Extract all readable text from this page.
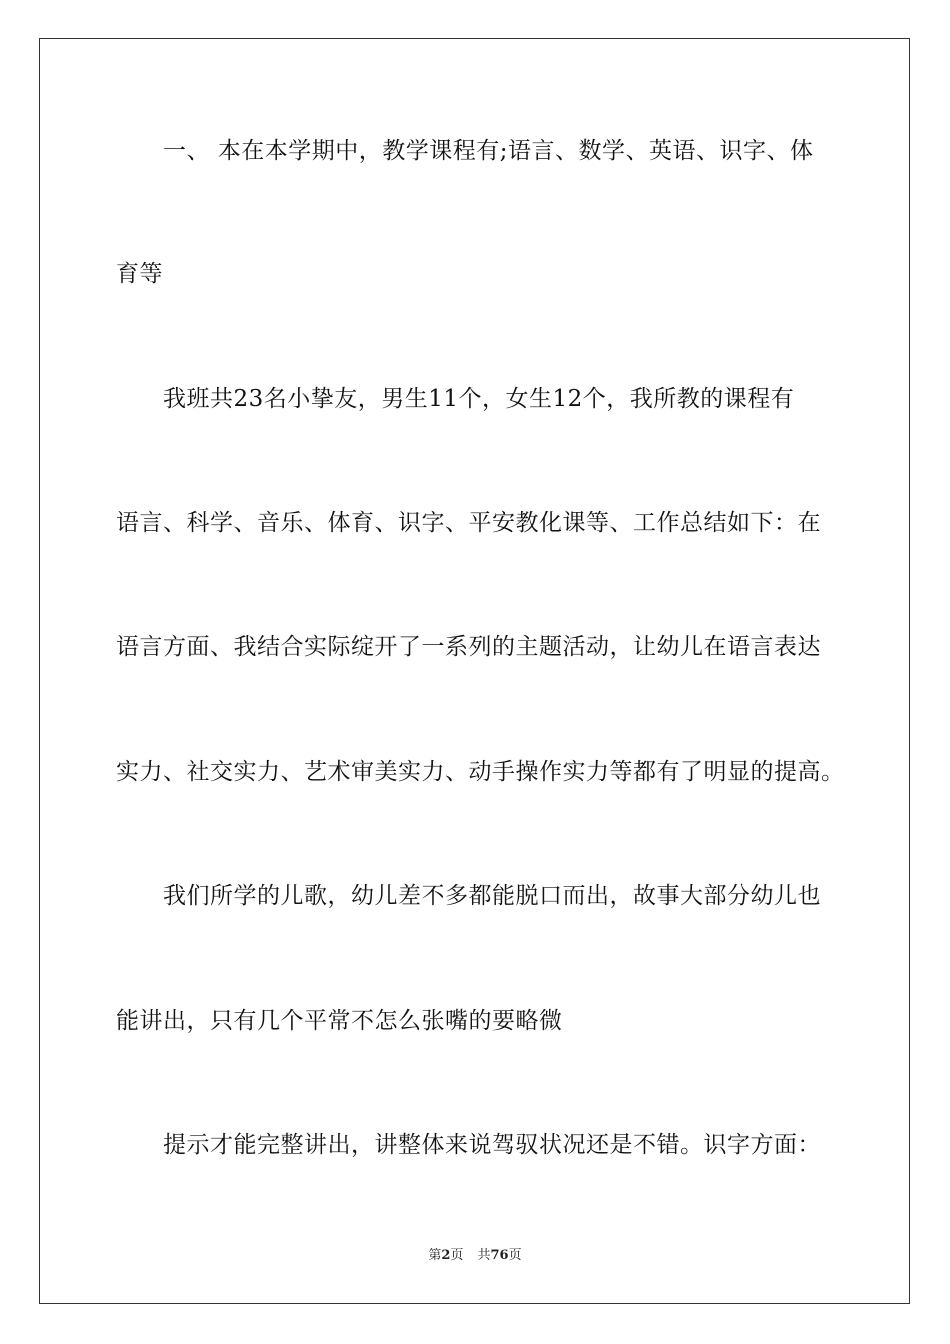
一、 本在本学期中，教学课程有;语言、数学、英语、识字、体
育等
我班共23名小挚友，男生11个，女生12个，我所教的课程有
语言、科学、音乐、体育、识字、平安教化课等、工作总结如下：在
语言方面、我结合实际绽开了一系列的主题活动，让幼儿在语言表达
实力、社交实力、艺术审美实力、动手操作实力等都有了明显的提高。
我们所学的儿歌，幼儿差不多都能脱口而出，故事大部分幼儿也
能讲出，只有几个平常不怎么张嘴的要略微
提示才能完整讲出，讲整体来说驾驭状况还是不错。识字方面：
第2页 共76页
